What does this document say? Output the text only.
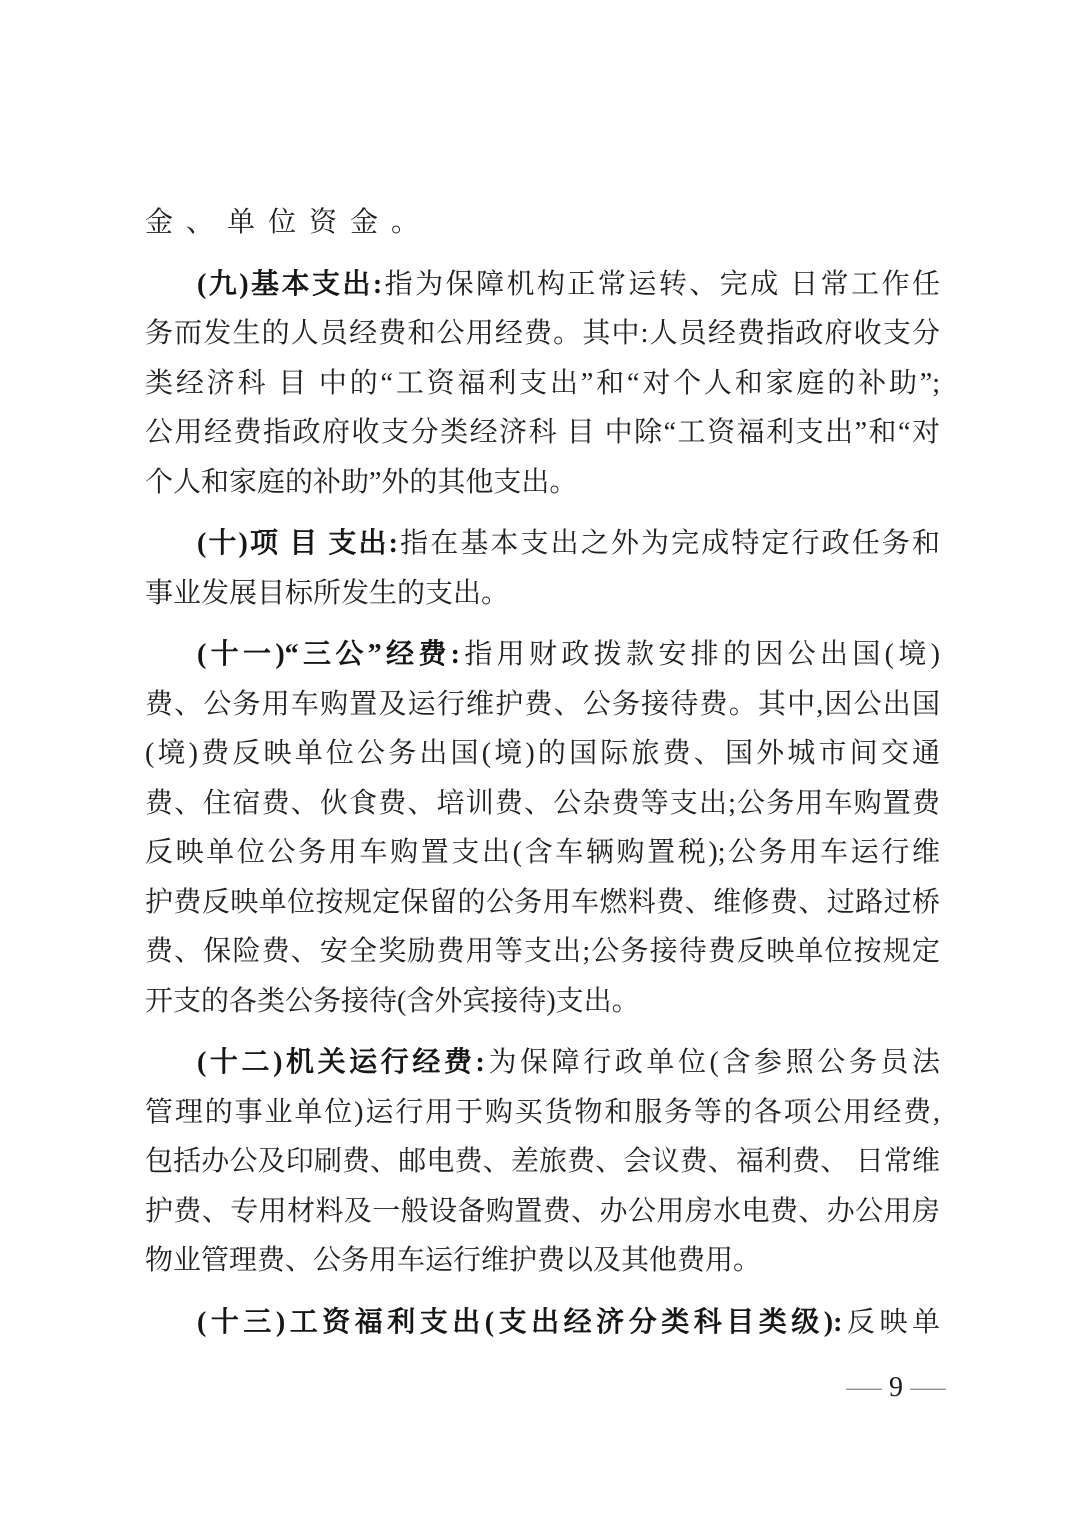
金、单位资金。
(九)基本支出:指为保障机构正常运转、完成 日常工作任
务而发生的人员经费和公用经费。其中:人员经费指政府收支分
类经济科 目 中的“工资福利支出”和“对个人和家庭的补助”;
公用经费指政府收支分类经济科 目 中除“工资福利支出”和“对
个人和家庭的补助”外的其他支出。
(十)项 目 支出:指在基本支出之外为完成特定行政任务和
事业发展目标所发生的支出。
(十一)“三公”经费:指用财政拨款安排的因公出国(境)
费、公务用车购置及运行维护费、公务接待费。其中,因公出国
(境)费反映单位公务出国(境)的国际旅费、国外城市间交通
费、住宿费、伙食费、培训费、公杂费等支出;公务用车购置费
反映单位公务用车购置支出(含车辆购置税);公务用车运行维
护费反映单位按规定保留的公务用车燃料费、维修费、过路过桥
费、保险费、安全奖励费用等支出;公务接待费反映单位按规定
开支的各类公务接待(含外宾接待)支出。
(十二)机关运行经费:为保障行政单位(含参照公务员法
管理的事业单位)运行用于购买货物和服务等的各项公用经费,
包括办公及印刷费、邮电费、差旅费、会议费、福利费、 日常维
护费、专用材料及一般设备购置费、办公用房水电费、办公用房
物业管理费、公务用车运行维护费以及其他费用。
(十三)工资福利支出(支出经济分类科目类级):反映单
— 9 —
